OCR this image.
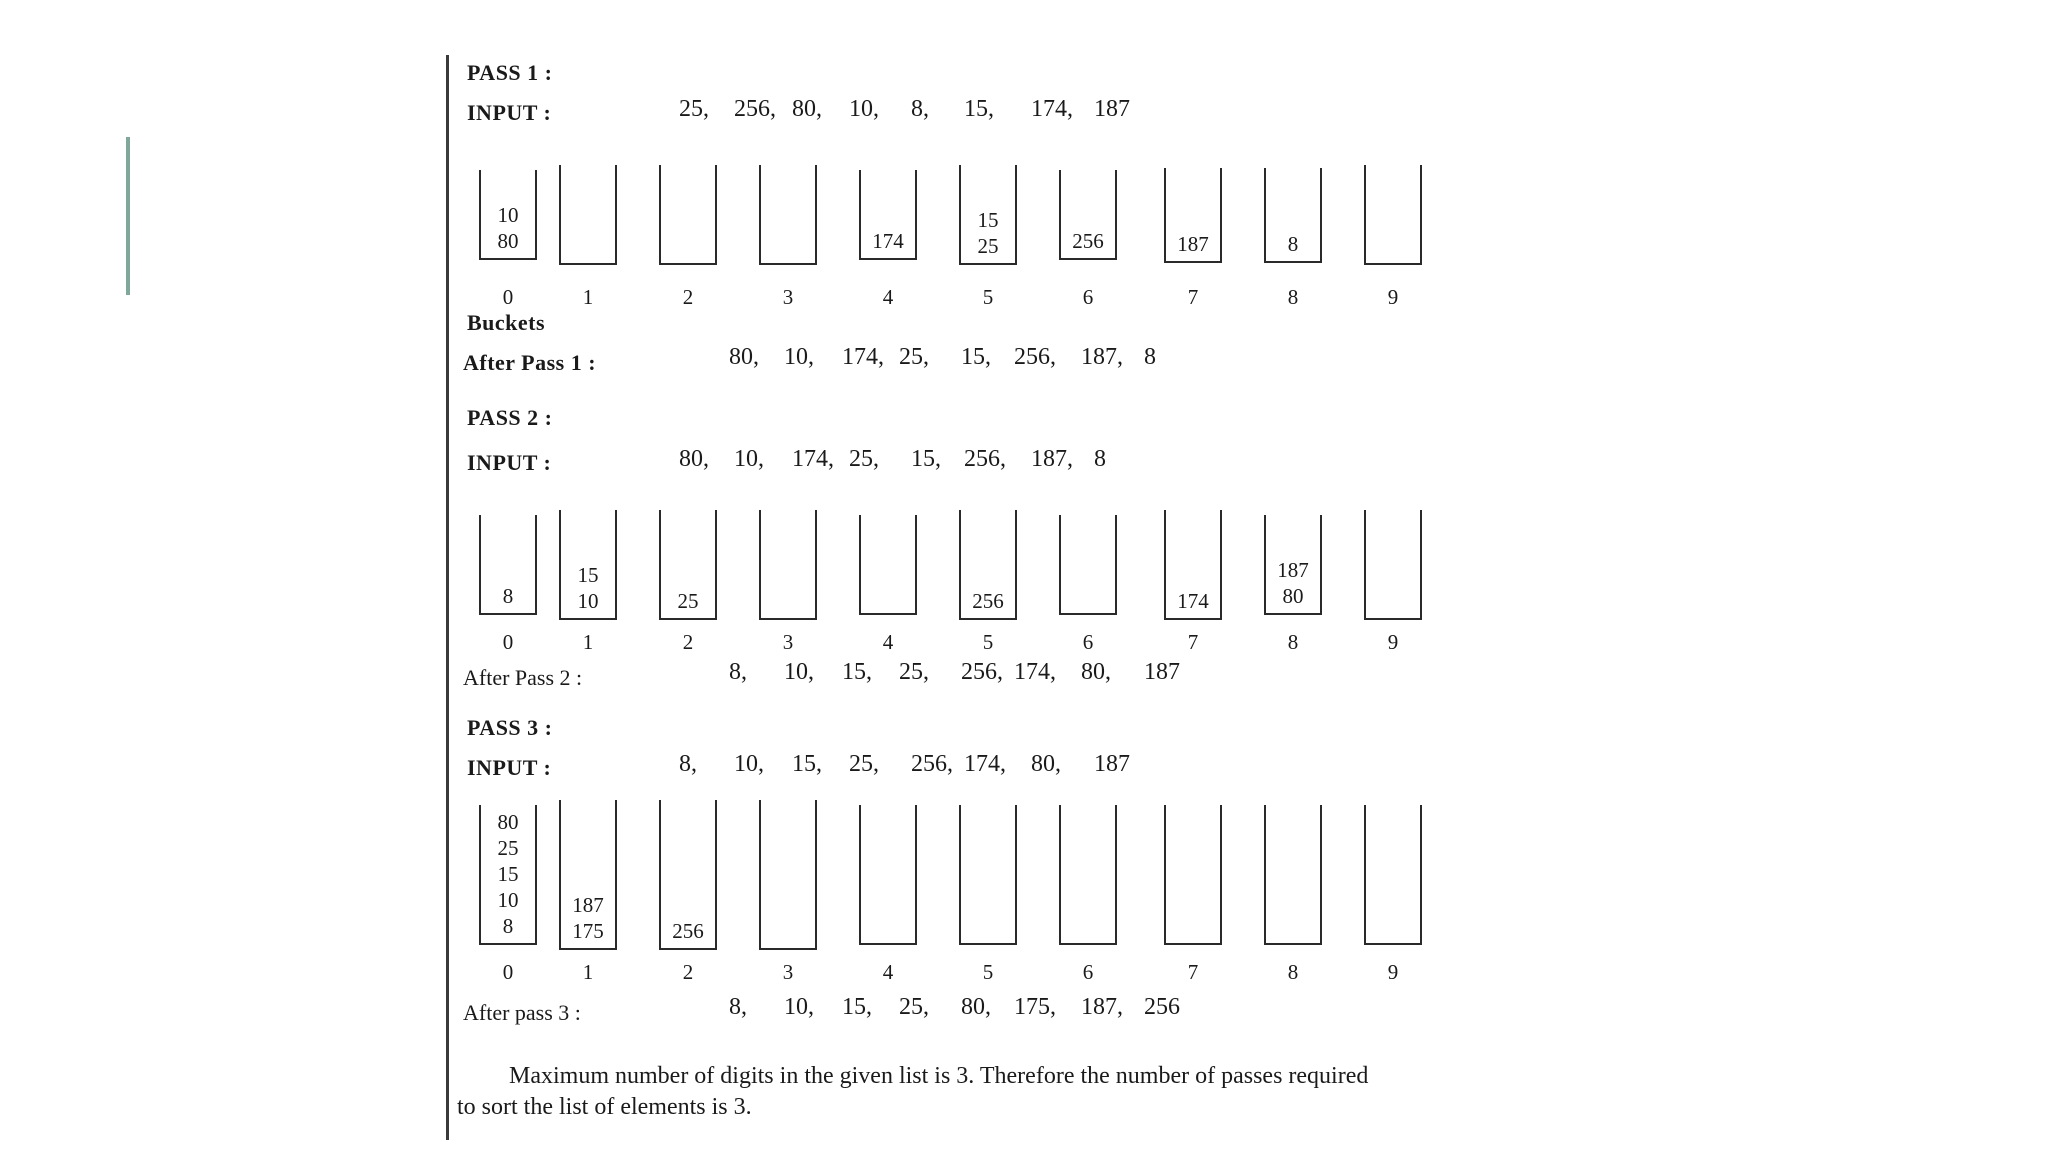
PASS 1 :
INPUT :	25, 256, 80, 10, 8, 15, 174, 187
10
80
0	1	2	3
174
4
15
25
5
256
6
187
7
8
8	9
Buckets
After Pass 1 :	80, 10, 174, 25, 15, 256, 187, 8
PASS 2 :
INPUT :	80, 10, 174, 25, 15, 256, 187, 8
8
0
15
10
1
25
2	3	4
256
5	6
174
7
187
80
8	9
After Pass 2 :	8, 10, 15, 25, 256, 174, 80, 187
PASS 3 :
INPUT :	8, 10, 15, 25, 256, 174, 80, 187
80
25
15
10
8
0
187
175
1
256
2	3	4	5	6	7	8	9
After pass 3 :	8, 10, 15, 25, 80, 175, 187, 256
Maximum number of digits in the given list is 3. Therefore the number of passes required
to sort the list of elements is 3.
